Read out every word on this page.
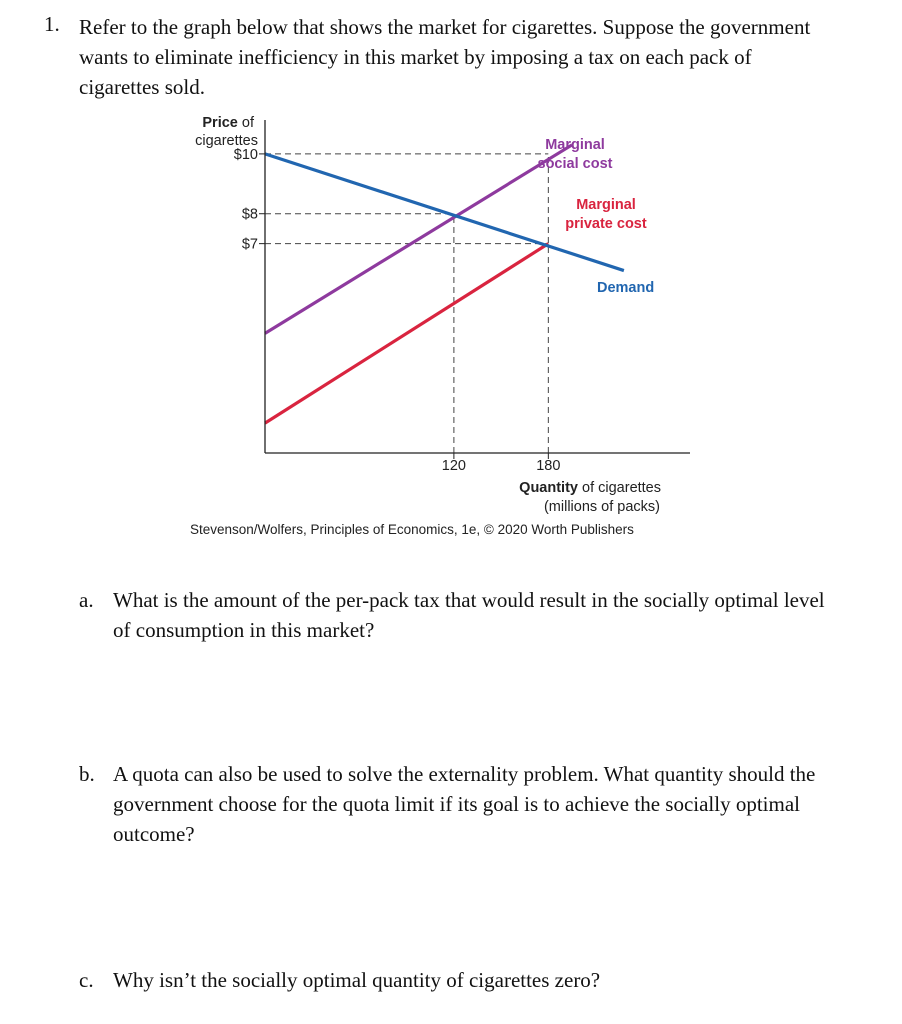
1. Refer to the graph below that shows the market for cigarettes. Suppose the government
wants to eliminate inefficiency in this market by imposing a tax on each pack of
cigarettes sold.
$10
$8
$7
120	180
Price of
cigarettes
Quantity of cigarettes
(millions of packs)
Marginal
social cost
Marginal
private cost
Demand
Stevenson/Wolfers, Principles of Economics, 1e, © 2020 Worth Publishers
a. What is the amount of the per-pack tax that would result in the socially optimal level
of consumption in this market?
b. A quota can also be used to solve the externality problem. What quantity should the
government choose for the quota limit if its goal is to achieve the socially optimal
outcome?
c. Why isn’t the socially optimal quantity of cigarettes zero?
